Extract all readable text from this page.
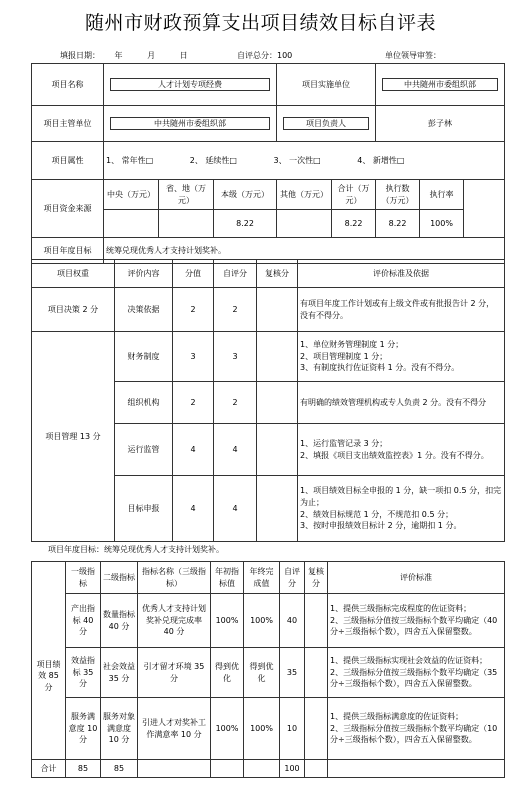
随州市财政预算支出项目绩效目标自评表
填报日期： 年	月	日	自评总分：100	单位领导审签：
项目名称	人才计划专项经费			项目实施单位		中共随州市委组织部		

项目主管单位	中共随州市委组织部			项目负责人		彭子林		
项目属性	1、 常年性□ 2、 延续性□ 3、 一次性□ 4、 新增性□							
项目资金来源	中央（万元）	省、地（万元）	本级（万元）	其他（万元）	合计（万元）	执行数（万元）	执行率	
			8.22		8.22	8.22	100%	
项目年度目标	统筹兑现优秀人才支持计划奖补。							
项目权重	评价内容	分值	自评分	复核分	评价标准及依据
项目决策 2 分	决策依据	2	2		有项目年度工作计划或有上级文件或有批报告计 2 分，没有不得分。

项目管理 13 分	财务制度	3	3		1、单位财务管理制度 1 分；

2、项目管理制度 1 分；

3、有制度执行佐证资料 1 分。没有不得分。

	组织机构	2	2		有明确的绩效管理机构或专人负责 2 分。没有不得分

	运行监管	4	4		1、运行监管记录 3 分；

2、填报《项目支出绩效监控表》1 分。没有不得分。

	目标申报	4	4		1、项目绩效目标全申报的 1 分，缺一项扣 0.5 分，扣完为止；

2、绩效目标规范 1 分，不规范扣 0.5 分；

3、按时申报绩效目标计 2 分，逾期扣 1 分。

项目年度目标：统筹兑现优秀人才支持计划奖补。
	一级指标	二级指标	指标名称（三级指标）	年初指标值	年终完成值	自评分	复核分	评价标准
项目绩效 85 分	产出指标 40 分	数量指标 40 分	优秀人才支持计划奖补兑现完成率 40 分	100%	100%	40		1、提供三级指标完成程度的佐证资料；

2、三级指标分值按三级指标个数平均确定（40 分÷三级指标个数），四舍五入保留整数。

	效益指标 35 分	社会效益 35 分	引才留才环境 35 分	得到优化	得到优化	35		1、提供三级指标实现社会效益的佐证资料；

2、三级指标分值按三级指标个数平均确定（35 分÷三级指标个数），四舍五入保留整数。

	服务满意度 10 分	服务对象满意度 10 分	引进人才对奖补工作满意率 10 分	100%	100%	10		1、提供三级指标满意度的佐证资料；

2、三级指标分值按三级指标个数平均确定（10 分÷三级指标个数），四舍五入保留整数。

合计	85	85				100		
